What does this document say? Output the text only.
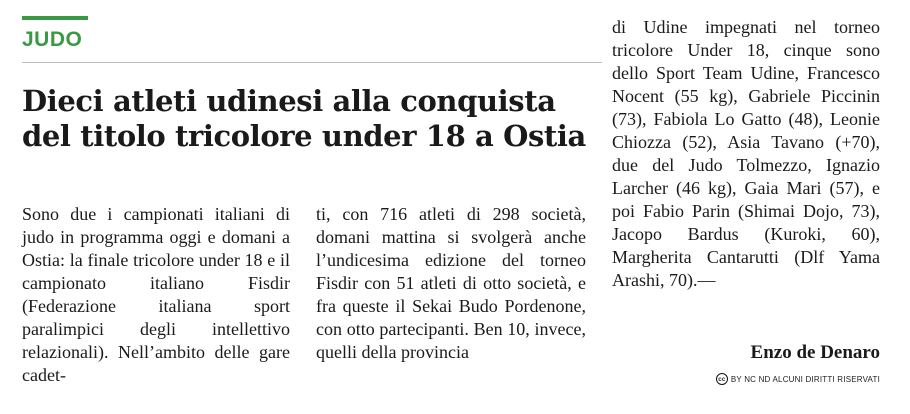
JUDO
Dieci atleti udinesi alla conquista del titolo tricolore under 18 a Ostia

Sono due i campionati italiani di judo in programma oggi e domani a Ostia: la finale tricolore under 18 e il campionato italiano Fisdir (Federazione italiana sport paralimpici degli intellettivo relazionali). Nell’ambito delle gare cadet-

ti, con 716 atleti di 298 società, domani mattina si svolgerà anche l’undicesima edizione del torneo Fisdir con 51 atleti di otto società, e fra queste il Sekai Budo Pordenone, con otto partecipanti. Ben 10, invece, quelli della provincia

di Udine impegnati nel torneo tricolore Under 18, cinque sono dello Sport Team Udine, Francesco Nocent (55 kg), Gabriele Piccinin (73), Fabiola Lo Gatto (48), Leonie Chiozza (52), Asia Tavano (+70), due del Judo Tolmezzo, Ignazio Larcher (46 kg), Gaia Mari (57), e poi Fabio Parin (Shimai Dojo, 73), Jacopo Bardus (Kuroki, 60), Margherita Cantarutti (Dlf Yama Arashi, 70).—

Enzo de Denaro
cc BY NC ND ALCUNI DIRITTI RISERVATI
